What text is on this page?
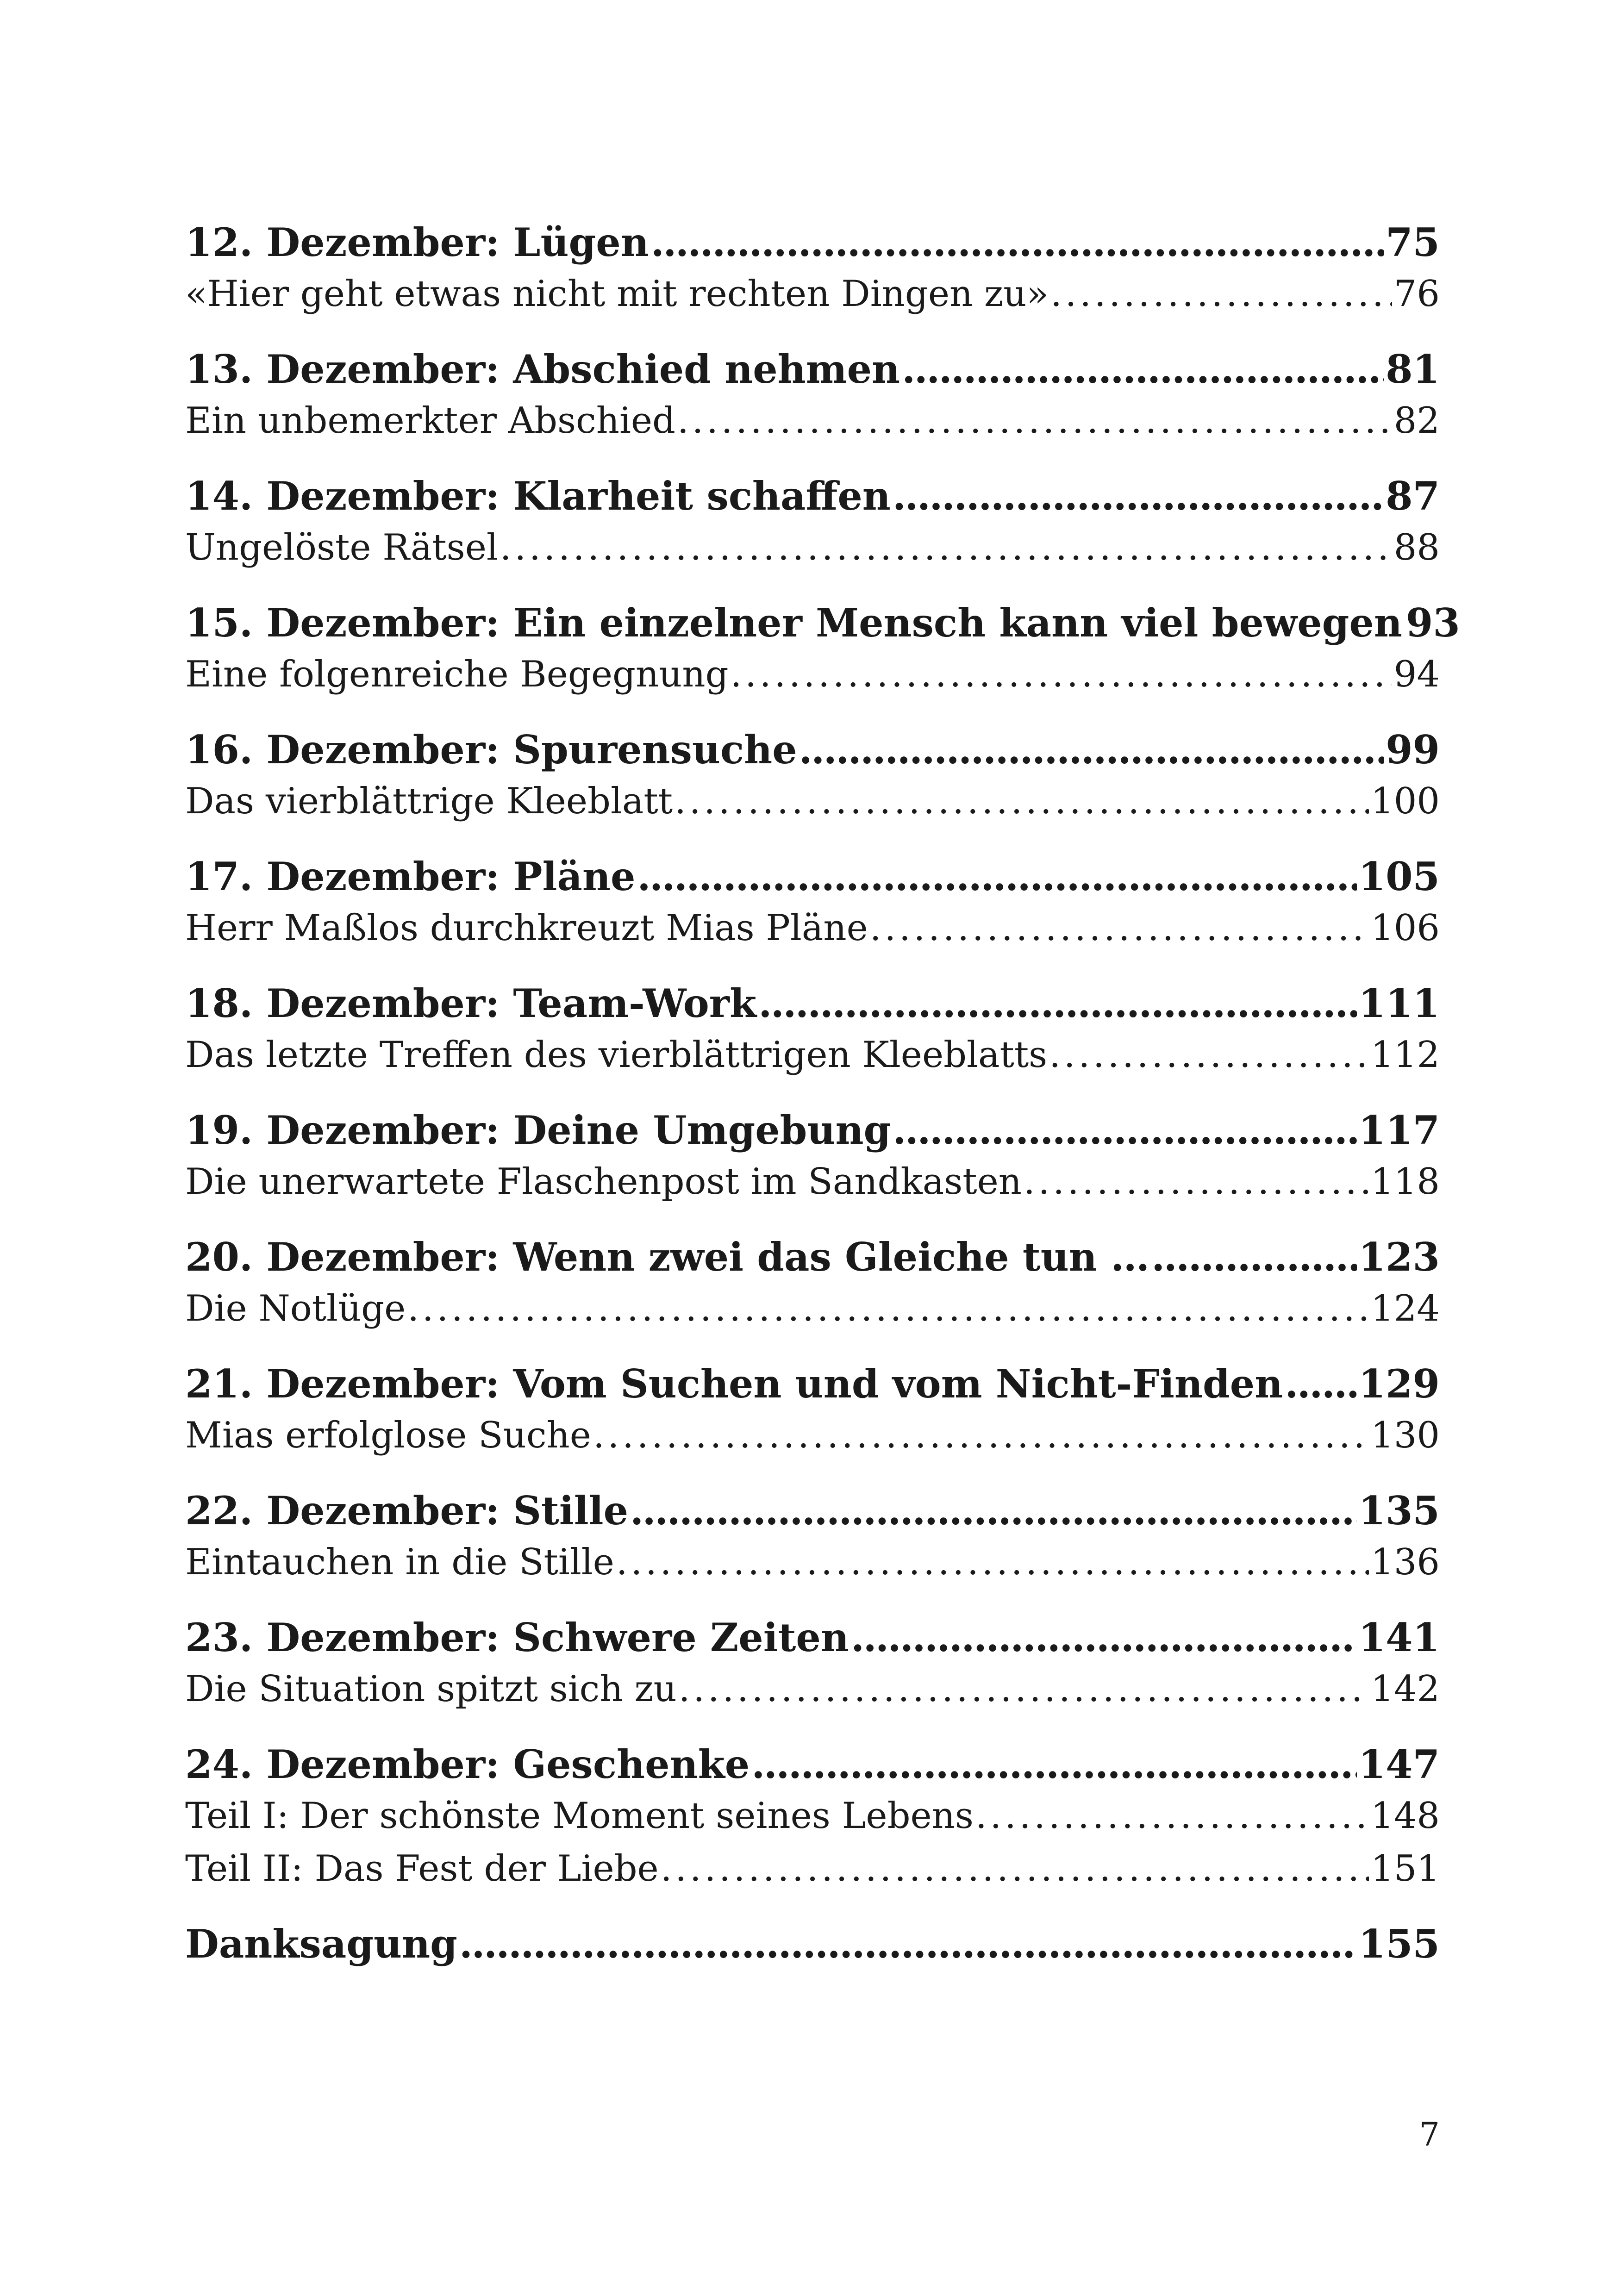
12. Dezember: Lügen . . .	75
«Hier geht etwas nicht mit rechten Dingen zu» . . .	76
13. Dezember: Abschied nehmen . . .	81
Ein unbemerkter Abschied . . .	82
14. Dezember: Klarheit schaffen . . .	87
Ungelöste Rätsel . . .	88
15. Dezember: Ein einzelner Mensch kann viel bewegen 93
Eine folgenreiche Begegnung . . .	94
16. Dezember: Spurensuche . . .	99
Das vierblättrige Kleeblatt . . .	100
17. Dezember: Pläne . . .	105
Herr Maßlos durchkreuzt Mias Pläne . . .	106
18. Dezember: Team-Work . . .	111
Das letzte Treffen des vierblättrigen Kleeblatts . . .	112
19. Dezember: Deine Umgebung . . .	117
Die unerwartete Flaschenpost im Sandkasten . . .	118
20. Dezember: Wenn zwei das Gleiche tun … . . .	123
Die Notlüge . . .	124
21. Dezember: Vom Suchen und vom Nicht-Finden . . . 129
Mias erfolglose Suche . . .	130
22. Dezember: Stille . . .	135
Eintauchen in die Stille . . .	136
23. Dezember: Schwere Zeiten . . .	141
Die Situation spitzt sich zu . . .	142
24. Dezember: Geschenke . . .	147
Teil I: Der schönste Moment seines Lebens . . .	148
Teil II: Das Fest der Liebe . . .	151
Danksagung . . .	155
7
